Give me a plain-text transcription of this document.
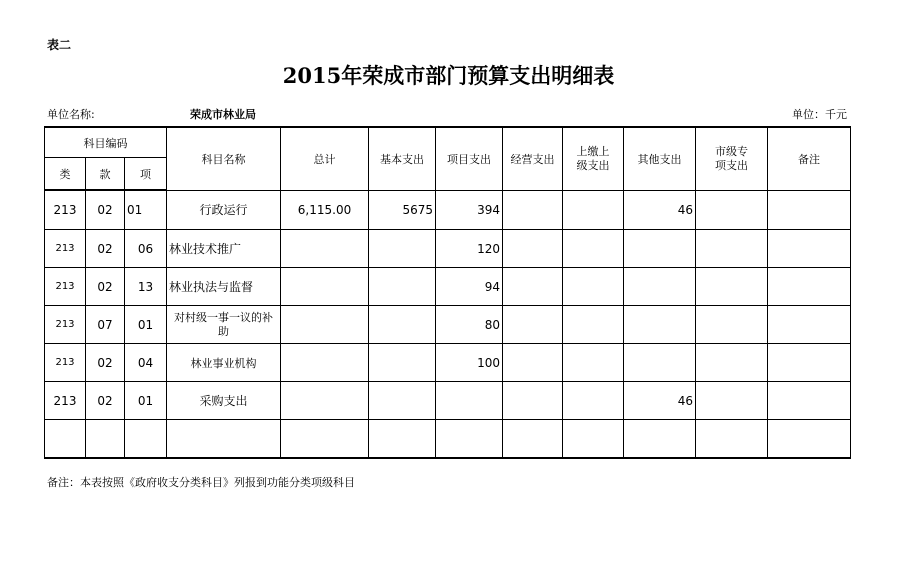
表二
2015年荣成市部门预算支出明细表
单位名称:	荣成市林业局	单位：千元
科目编码			科目名称	总计	基本支出	项目支出	经营支出	上缴上级支出	其他支出	市级专项支出	备注
类	款	项									
213	02	01	行政运行	6,115.00	5675	394			46		
213	02	06	林业技术推广			120					
213	02	13	林业执法与监督			94					
213	07	01	对村级一事一议的补助			80					
213	02	04	林业事业机构			100					
213	02	01	采购支出						46		

备注：本表按照《政府收支分类科目》列报到功能分类项级科目
